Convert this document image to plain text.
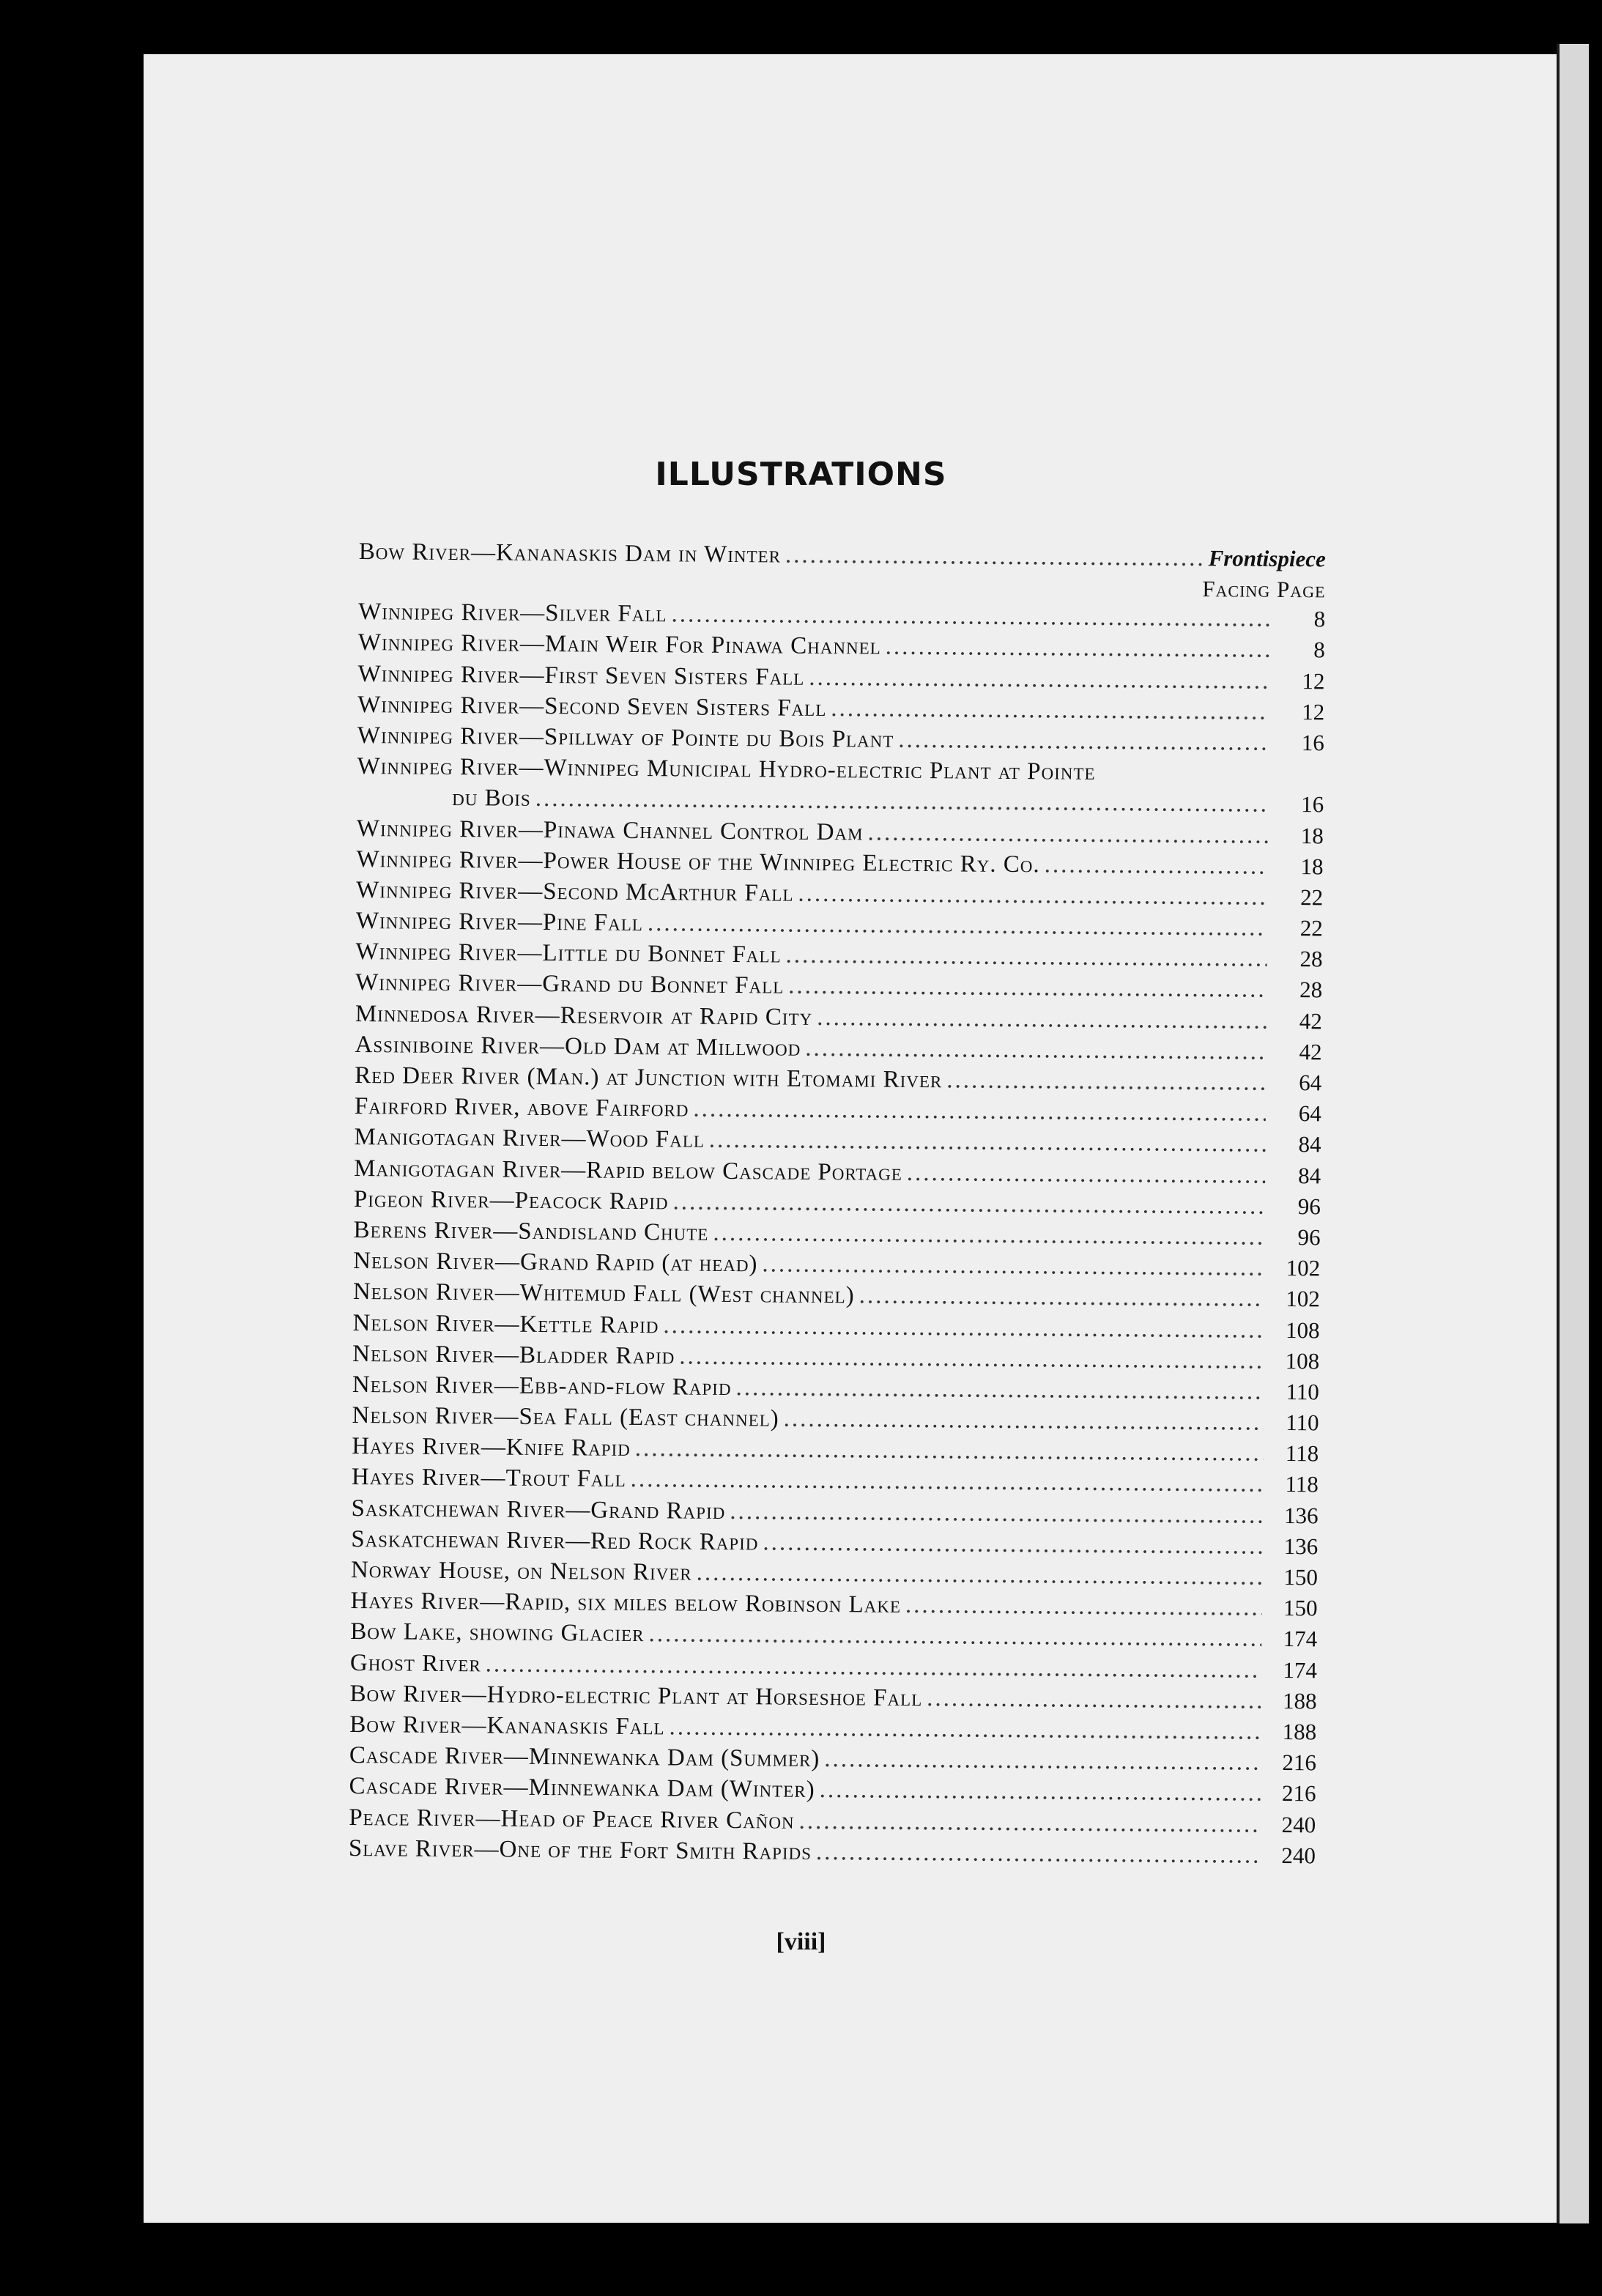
ILLUSTRATIONS
Bow River—Kananaskis Dam in Winter .....	Frontispiece
Facing Page
Winnipeg River—Silver Fall .....	8
Winnipeg River—Main Weir For Pinawa Channel .....	8
Winnipeg River—First Seven Sisters Fall .....	12
Winnipeg River—Second Seven Sisters Fall .....	12
Winnipeg River—Spillway of Pointe du Bois Plant .....	16
Winnipeg River—Winnipeg Municipal Hydro-electric Plant at Pointe
du Bois .....	16
Winnipeg River—Pinawa Channel Control Dam .....	18
Winnipeg River—Power House of the Winnipeg Electric Ry. Co. .....	18
Winnipeg River—Second McArthur Fall .....	22
Winnipeg River—Pine Fall .....	22
Winnipeg River—Little du Bonnet Fall .....	28
Winnipeg River—Grand du Bonnet Fall .....	28
Minnedosa River—Reservoir at Rapid City .....	42
Assiniboine River—Old Dam at Millwood .....	42
Red Deer River (Man.) at Junction with Etomami River .....	64
Fairford River, above Fairford .....	64
Manigotagan River—Wood Fall .....	84
Manigotagan River—Rapid below Cascade Portage .....	84
Pigeon River—Peacock Rapid .....	96
Berens River—Sandisland Chute .....	96
Nelson River—Grand Rapid (at head) .....	102
Nelson River—Whitemud Fall (West channel) .....	102
Nelson River—Kettle Rapid .....	108
Nelson River—Bladder Rapid .....	108
Nelson River—Ebb-and-flow Rapid .....	110
Nelson River—Sea Fall (East channel) .....	110
Hayes River—Knife Rapid .....	118
Hayes River—Trout Fall .....	118
Saskatchewan River—Grand Rapid .....	136
Saskatchewan River—Red Rock Rapid .....	136
Norway House, on Nelson River .....	150
Hayes River—Rapid, six miles below Robinson Lake .....	150
Bow Lake, showing Glacier .....	174
Ghost River .....	174
Bow River—Hydro-electric Plant at Horseshoe Fall .....	188
Bow River—Kananaskis Fall .....	188
Cascade River—Minnewanka Dam (Summer) .....	216
Cascade River—Minnewanka Dam (Winter) .....	216
Peace River—Head of Peace River Cañon .....	240
Slave River—One of the Fort Smith Rapids .....	240
[viii]
